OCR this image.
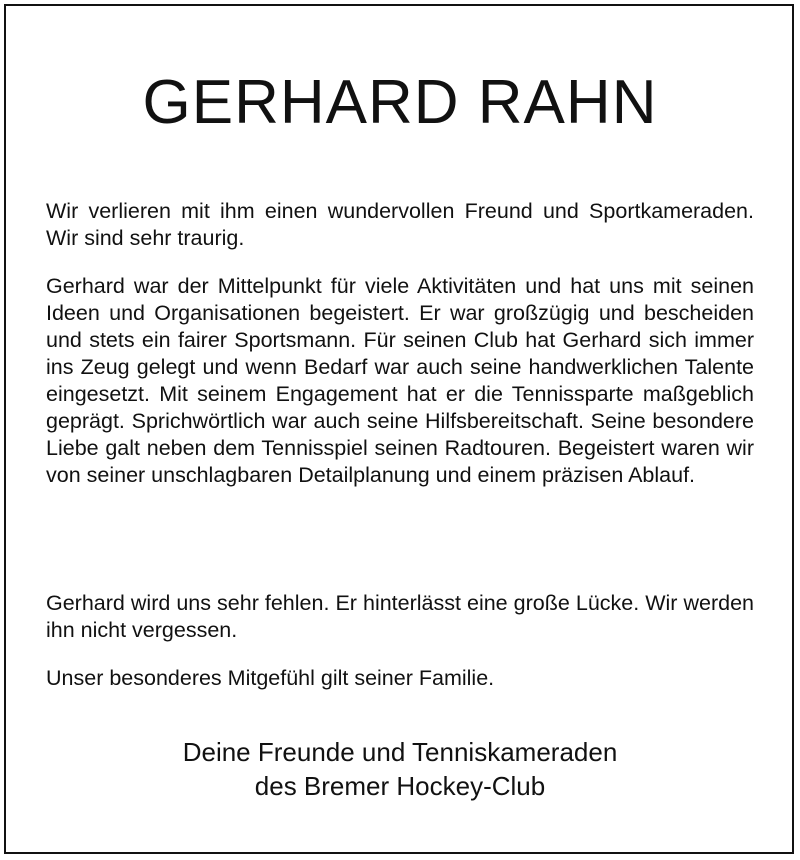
GERHARD RAHN
Wir verlieren mit ihm einen wundervollen Freund und Sportkameraden. Wir sind sehr traurig.
Gerhard war der Mittelpunkt für viele Aktivitäten und hat uns mit seinen Ideen und Organisationen begeistert. Er war großzügig und bescheiden und stets ein fairer Sportsmann. Für seinen Club hat Gerhard sich immer ins Zeug gelegt und wenn Bedarf war auch seine handwerklichen Talente eingesetzt. Mit seinem Engagement hat er die Tennissparte maßgeblich geprägt. Sprichwörtlich war auch seine Hilfsbereitschaft. Seine besondere Liebe galt neben dem Tennisspiel seinen Radtouren. Begeistert waren wir von seiner unschlagbaren Detailplanung und einem präzisen Ablauf.
Gerhard wird uns sehr fehlen. Er hinterlässt eine große Lücke. Wir werden ihn nicht vergessen.
Unser besonderes Mitgefühl gilt seiner Familie.
Deine Freunde und Tenniskameraden
des Bremer Hockey-Club
